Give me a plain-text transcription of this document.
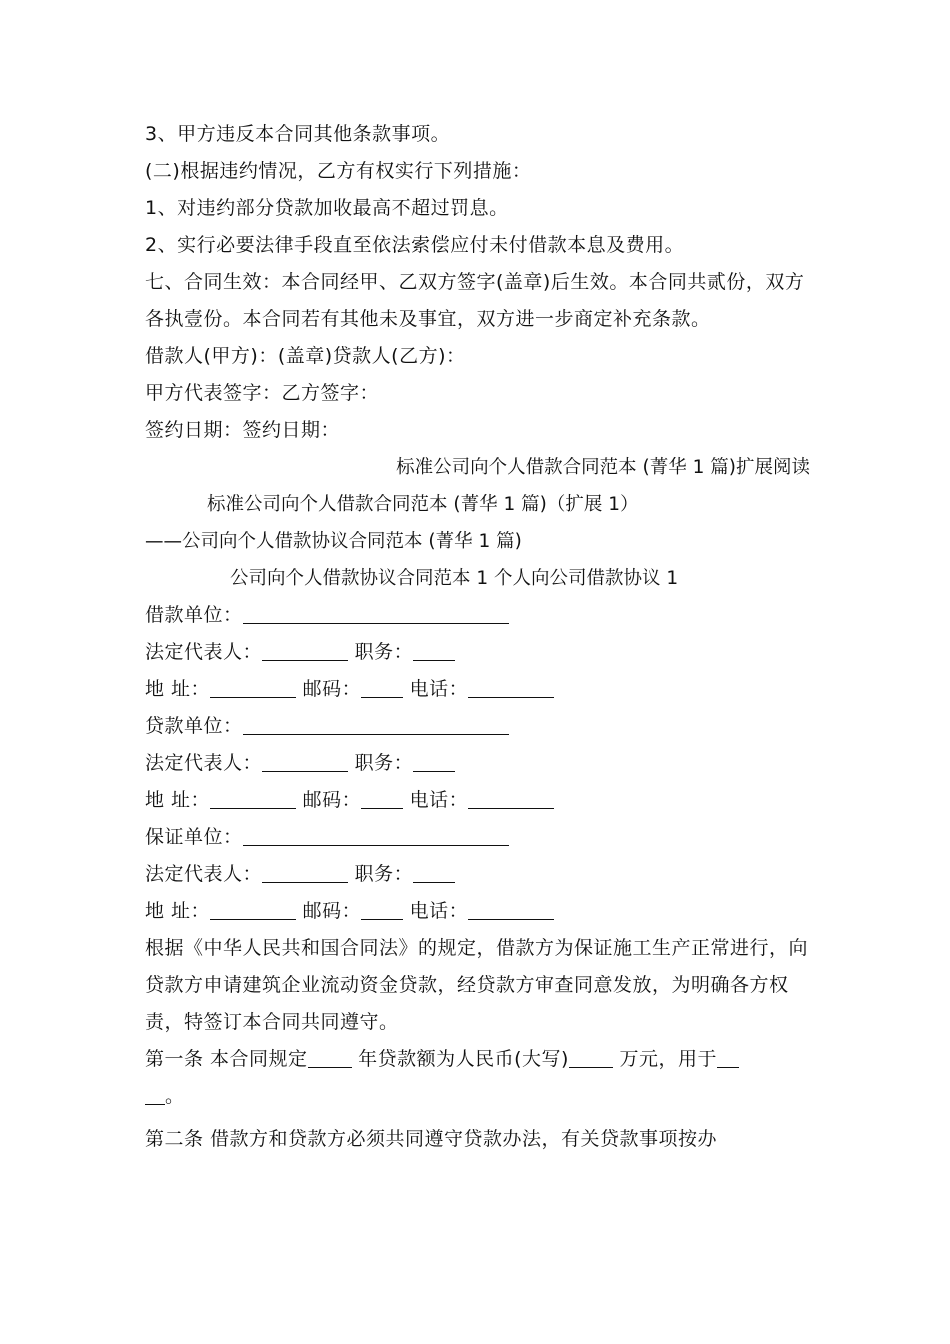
3、甲方违反本合同其他条款事项。
(二)根据违约情况，乙方有权实行下列措施：
1、对违约部分贷款加收最高不超过罚息。
2、实行必要法律手段直至依法索偿应付未付借款本息及费用。
七、合同生效：本合同经甲、乙双方签字(盖章)后生效。本合同共贰份，双方各执壹份。本合同若有其他未及事宜，双方进一步商定补充条款。
借款人(甲方)：(盖章)贷款人(乙方)：
甲方代表签字：乙方签字：
签约日期：签约日期：
标准公司向个人借款合同范本 (菁华 1 篇)扩展阅读
标准公司向个人借款合同范本 (菁华 1 篇)（扩展 1）
——公司向个人借款协议合同范本 (菁华 1 篇)
公司向个人借款协议合同范本 1 个人向公司借款协议 1
借款单位：
法定代表人：	职务：
地 址：	邮码：	电话：
贷款单位：
法定代表人：	职务：
地 址：	邮码：	电话：
保证单位：
法定代表人：	职务：
地 址：	邮码：	电话：
根据《中华人民共和国合同法》的规定，借款方为保证施工生产正常进行，向贷款方申请建筑企业流动资金贷款，经贷款方审查同意发放，为明确各方权责，特签订本合同共同遵守。
第一条 本合同规定 年贷款额为人民币(大写) 万元，用于
。
第二条 借款方和贷款方必须共同遵守贷款办法，有关贷款事项按办
